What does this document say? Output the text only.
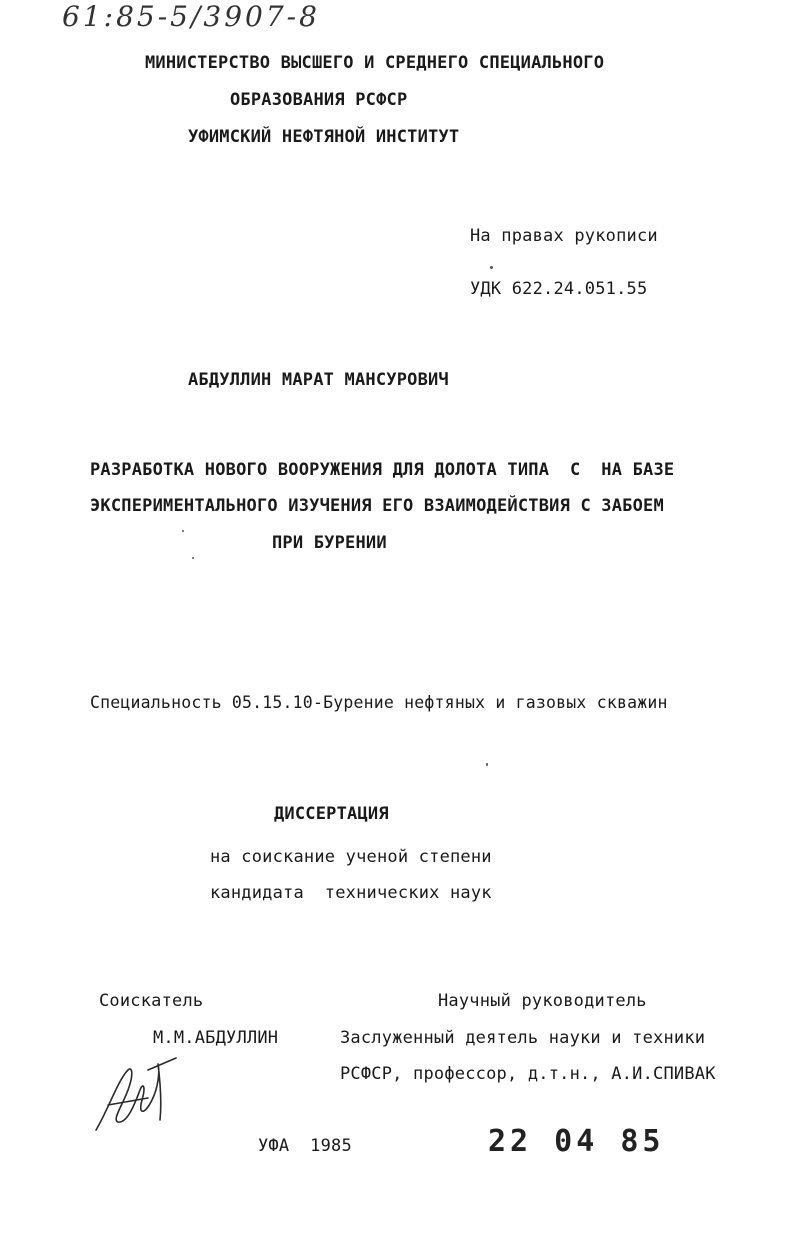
61:85-5/3907-8
МИНИСТЕРСТВО ВЫСШЕГО И СРЕДНЕГО СПЕЦИАЛЬНОГО
ОБРАЗОВАНИЯ РСФСР
УФИМСКИЙ НЕФТЯНОЙ ИНСТИТУТ
На правах рукописи
УДК 622.24.051.55
АБДУЛЛИН МАРАТ МАНСУРОВИЧ
РАЗРАБОТКА НОВОГО ВООРУЖЕНИЯ ДЛЯ ДОЛОТА ТИПА  С  НА БАЗЕ
ЭКСПЕРИМЕНТАЛЬНОГО ИЗУЧЕНИЯ ЕГО ВЗАИМОДЕЙСТВИЯ С ЗАБОЕМ
ПРИ БУРЕНИИ
Специальность 05.15.10-Бурение нефтяных и газовых скважин
ДИССЕРТАЦИЯ
на соискание ученой степени
кандидата  технических наук
Соискатель
М.М.АБДУЛЛИН
Научный руководитель
Заслуженный деятель науки и техники
РСФСР, профессор, д.т.н., А.И.СПИВАК
УФА  1985	22 04 85
